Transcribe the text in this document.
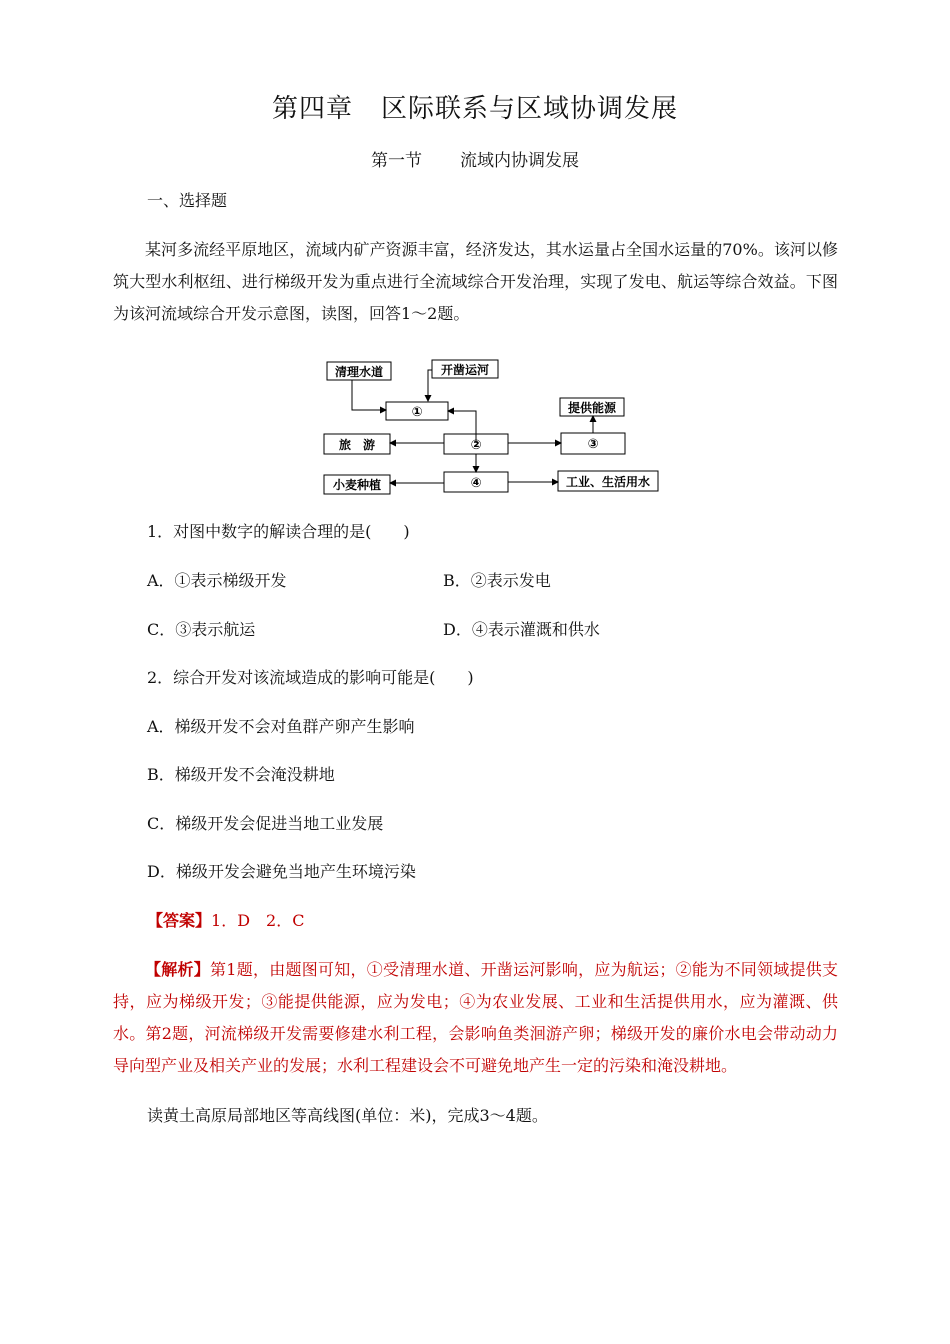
第四章 区际联系与区域协调发展
第一节 流域内协调发展
一、选择题
某河多流经平原地区，流域内矿产资源丰富，经济发达，其水运量占全国水运量的70%。该河以修筑大型水利枢纽、进行梯级开发为重点进行全流域综合开发治理，实现了发电、航运等综合效益。下图为该河流域综合开发示意图，读图，回答1～2题。
清理水道	开凿运河
①	提供能源
旅　游	②	③
小麦种植	④	工业、生活用水
1．对图中数字的解读合理的是(　　)
A．①表示梯级开发	B．②表示发电
C．③表示航运	D．④表示灌溉和供水
2．综合开发对该流域造成的影响可能是(　　)
A．梯级开发不会对鱼群产卵产生影响
B．梯级开发不会淹没耕地
C．梯级开发会促进当地工业发展
D．梯级开发会避免当地产生环境污染
【答案】1．D　2．C
【解析】第1题，由题图可知，①受清理水道、开凿运河影响，应为航运；②能为不同领域提供支持，应为梯级开发；③能提供能源，应为发电；④为农业发展、工业和生活提供用水，应为灌溉、供水。第2题，河流梯级开发需要修建水利工程，会影响鱼类洄游产卵；梯级开发的廉价水电会带动动力导向型产业及相关产业的发展；水利工程建设会不可避免地产生一定的污染和淹没耕地。
读黄土高原局部地区等高线图(单位：米)，完成3～4题。
